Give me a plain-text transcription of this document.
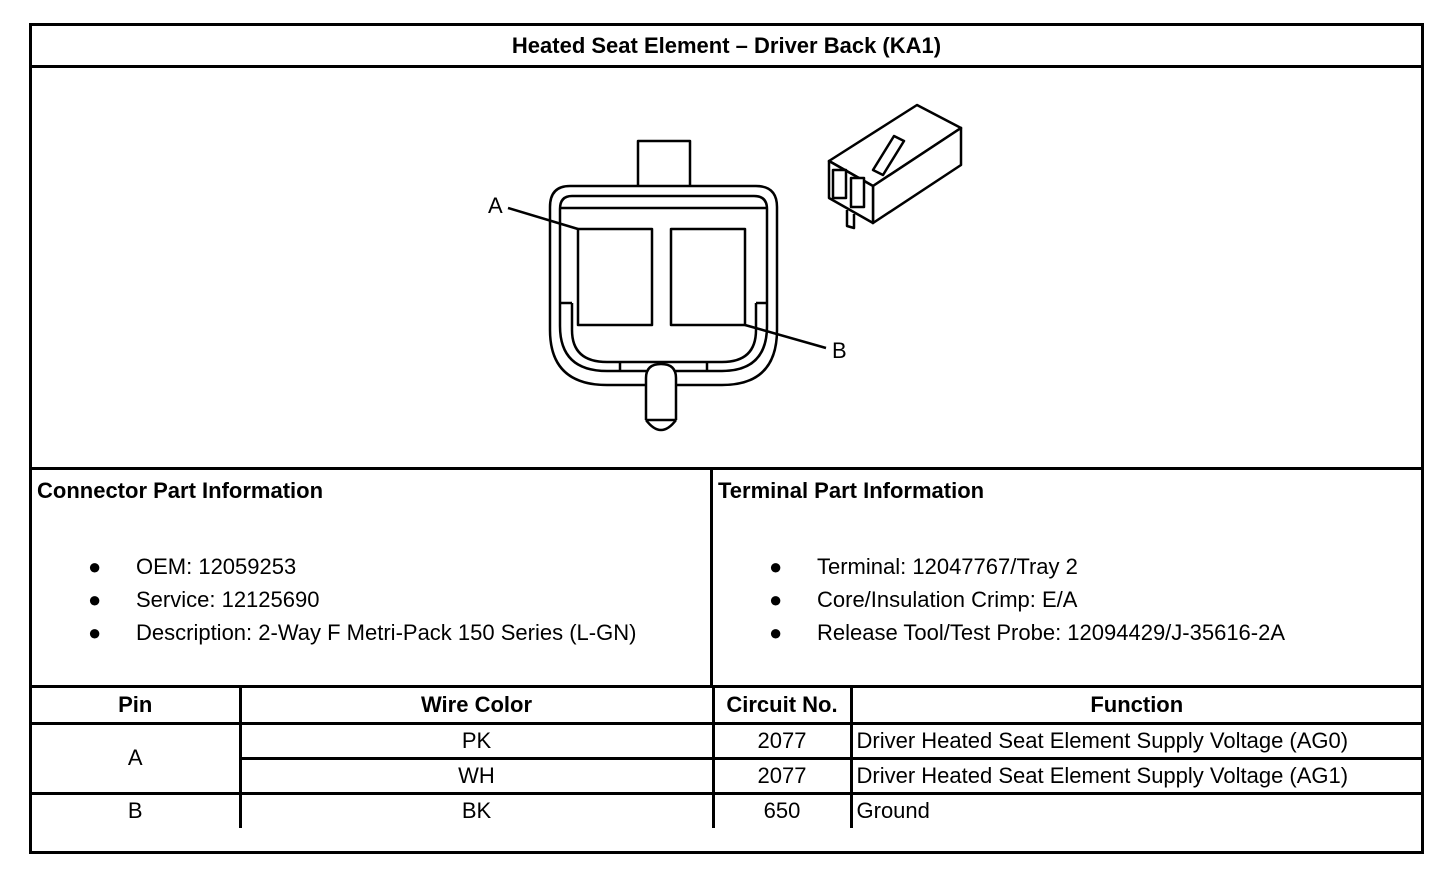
Heated Seat Element – Driver Back (KA1)
A
B
Connector Part Information
● OEM: 12059253
● Service: 12125690
● Description: 2-Way F Metri-Pack 150 Series (L-GN)
Terminal Part Information
● Terminal: 12047767/Tray 2
● Core/Insulation Crimp: E/A
● Release Tool/Test Probe: 12094429/J-35616-2A
Pin	Wire Color	Circuit No.	Function
A	PK	2077	Driver Heated Seat Element Supply Voltage (AG0)
	WH	2077	Driver Heated Seat Element Supply Voltage (AG1)
B	BK	650	Ground
